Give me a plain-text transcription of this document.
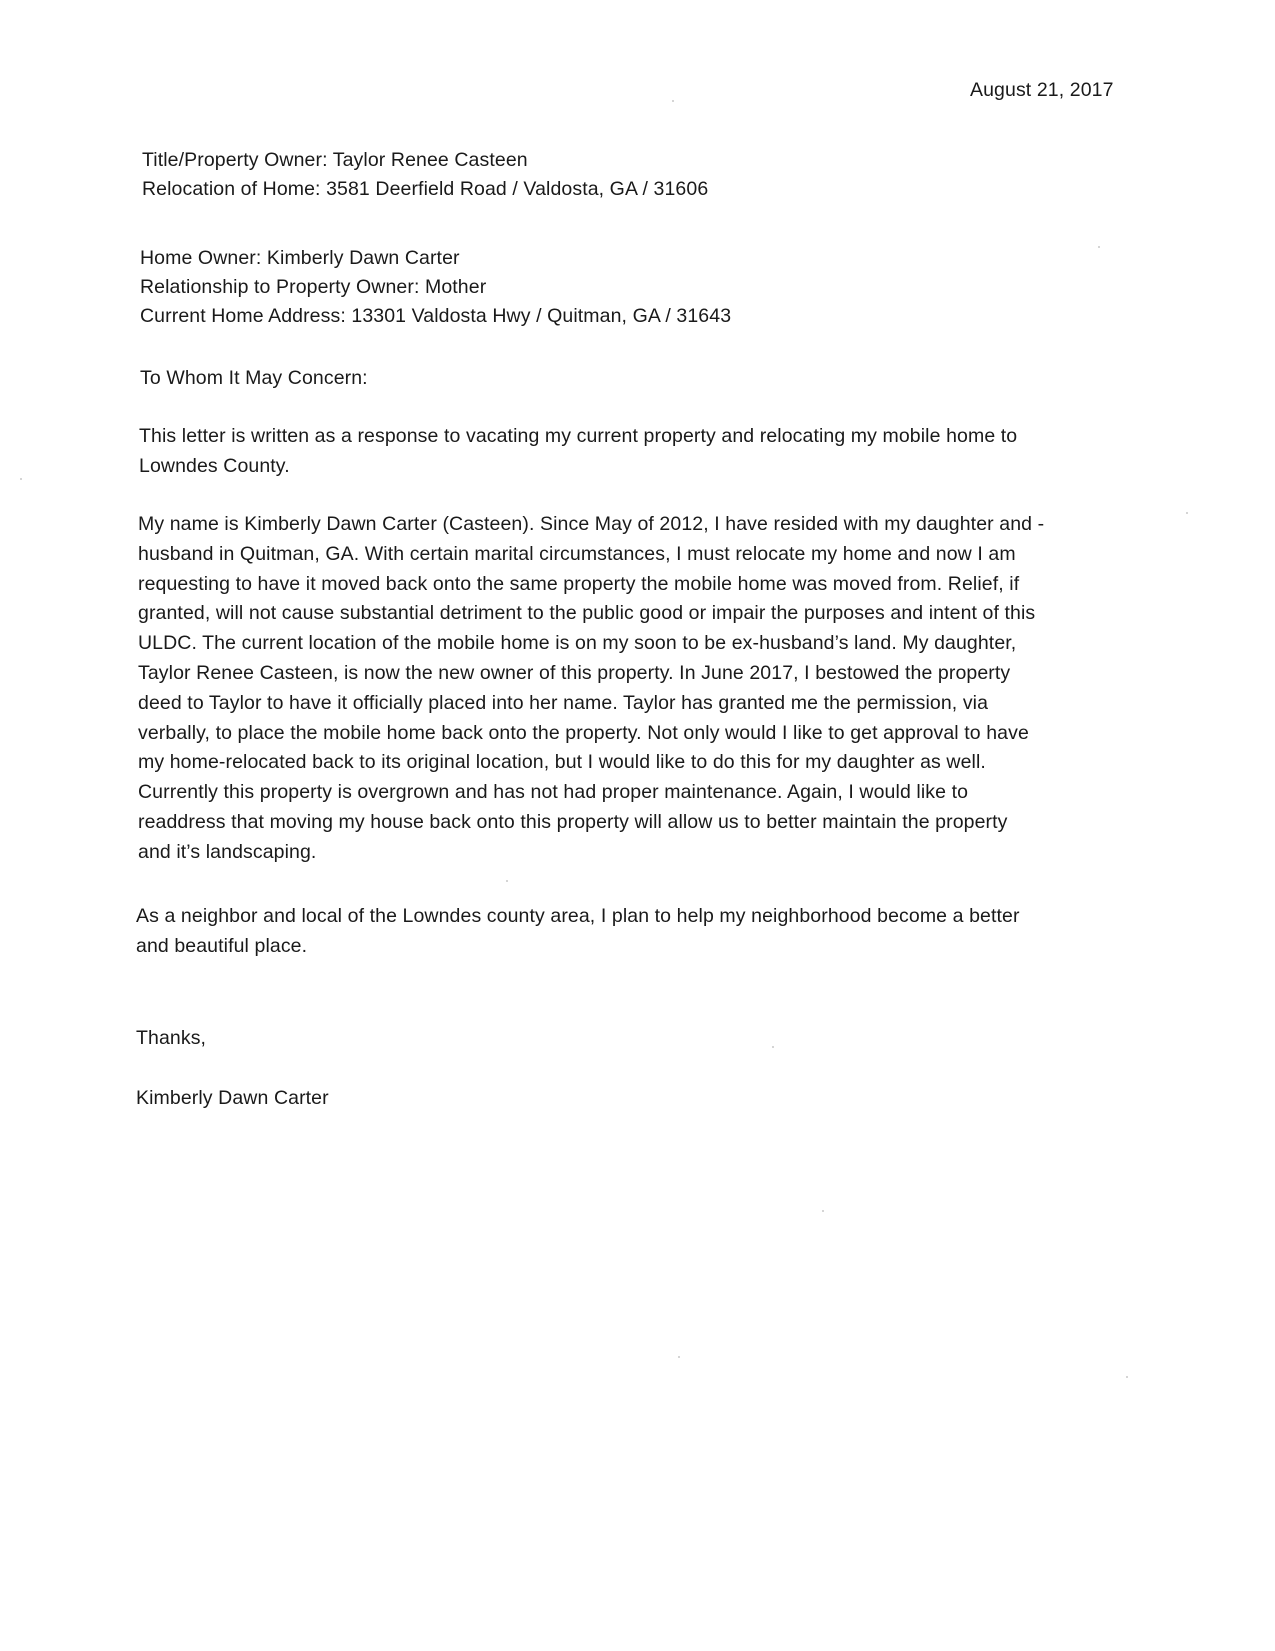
August 21, 2017
Title/Property Owner: Taylor Renee Casteen
Relocation of Home: 3581 Deerfield Road / Valdosta, GA / 31606
Home Owner: Kimberly Dawn Carter
Relationship to Property Owner: Mother
Current Home Address: 13301 Valdosta Hwy / Quitman, GA / 31643
To Whom It May Concern:

This letter is written as a response to vacating my current property and relocating my mobile home to

Lowndes County.

My name is Kimberly Dawn Carter (Casteen). Since May of 2012, I have resided with my daughter and -

husband in Quitman, GA. With certain marital circumstances, I must relocate my home and now I am

requesting to have it moved back onto the same property the mobile home was moved from. Relief, if

granted, will not cause substantial detriment to the public good or impair the purposes and intent of this

ULDC. The current location of the mobile home is on my soon to be ex-husband’s land. My daughter,

Taylor Renee Casteen, is now the new owner of this property. In June 2017, I bestowed the property

deed to Taylor to have it officially placed into her name. Taylor has granted me the permission, via

verbally, to place the mobile home back onto the property. Not only would I like to get approval to have

my home-relocated back to its original location, but I would like to do this for my daughter as well.

Currently this property is overgrown and has not had proper maintenance. Again, I would like to

readdress that moving my house back onto this property will allow us to better maintain the property

and it’s landscaping.

As a neighbor and local of the Lowndes county area, I plan to help my neighborhood become a better

and beautiful place.

Thanks,
Kimberly Dawn Carter
